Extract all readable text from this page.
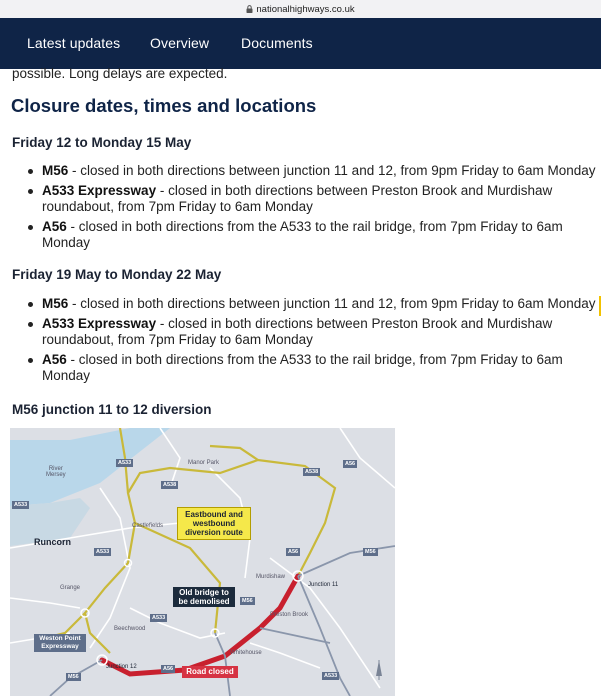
nationalhighways.co.uk
Latest updates Overview Documents
possible. Long delays are expected.
Closure dates, times and locations
Friday 12 to Monday 15 May
M56 - closed in both directions between junction 11 and 12, from 9pm Friday to 6am Monday
A533 Expressway - closed in both directions between Preston Brook and Murdishaw roundabout, from 7pm Friday to 6am Monday
A56 - closed in both directions from the A533 to the rail bridge, from 7pm Friday to 6am Monday
Friday 19 May to Monday 22 May
M56 - closed in both directions between junction 11 and 12, from 9pm Friday to 6am Monday
A533 Expressway - closed in both directions between Preston Brook and Murdishaw roundabout, from 7pm Friday to 6am Monday
A56 - closed in both directions from the A533 to the rail bridge, from 7pm Friday to 6am Monday
M56 junction 11 to 12 diversion
River
Mersey
Manor Park
Castlefields
Grange
Murdishaw
Preston Brook
Beechwood
Whitehouse
Junction 11
Junction 12
Runcorn
A533
A538
A538
A56
A533
A533	A56	M56
M56
A533
A56
M56	A533
Eastbound and westbound diversion route
Old bridge to be demolised
Road closed
Weston Point Expressway
